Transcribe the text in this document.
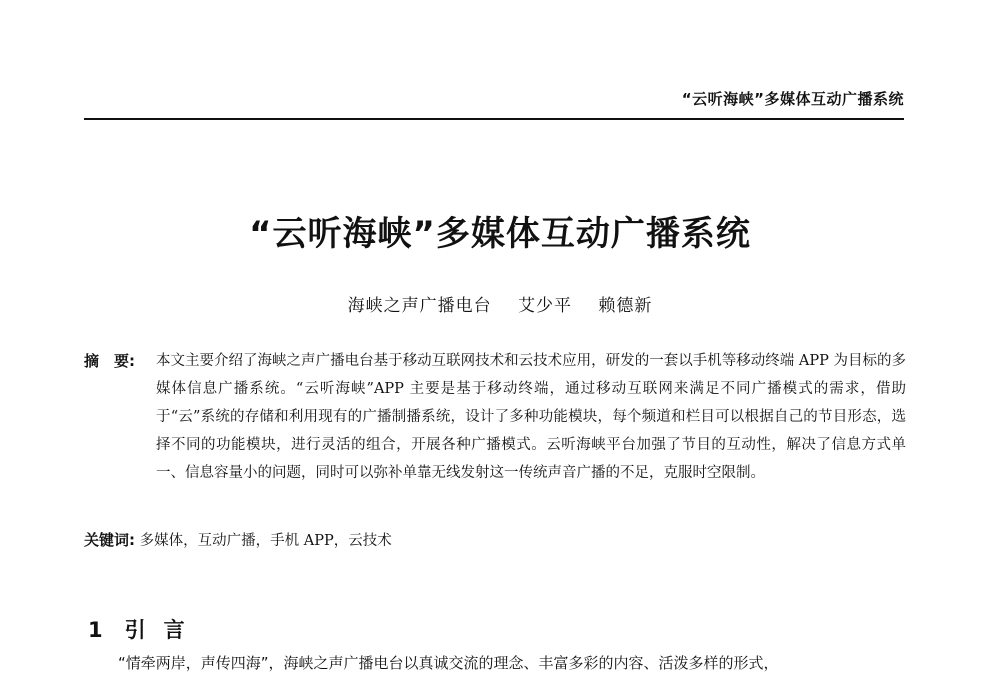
“云听海峡”多媒体互动广播系统
“云听海峡”多媒体互动广播系统
海峡之声广播电台 艾少平 赖德新
摘　要: 本文主要介绍了海峡之声广播电台基于移动互联网技术和云技术应用，研发的一套以手机等移动终端 APP 为目标的多媒体信息广播系统。“云听海峡”APP 主要是基于移动终端，通过移动互联网来满足不同广播模式的需求，借助于“云”系统的存储和利用现有的广播制播系统，设计了多种功能模块，每个频道和栏目可以根据自己的节目形态，选择不同的功能模块，进行灵活的组合，开展各种广播模式。云听海峡平台加强了节目的互动性，解决了信息方式单一、信息容量小的问题，同时可以弥补单靠无线发射这一传统声音广播的不足，克服时空限制。
关键词: 多媒体，互动广播，手机 APP，云技术
1 引言
“情牵两岸，声传四海”，海峡之声广播电台以真诚交流的理念、丰富多彩的内容、活泼多样的形式，
